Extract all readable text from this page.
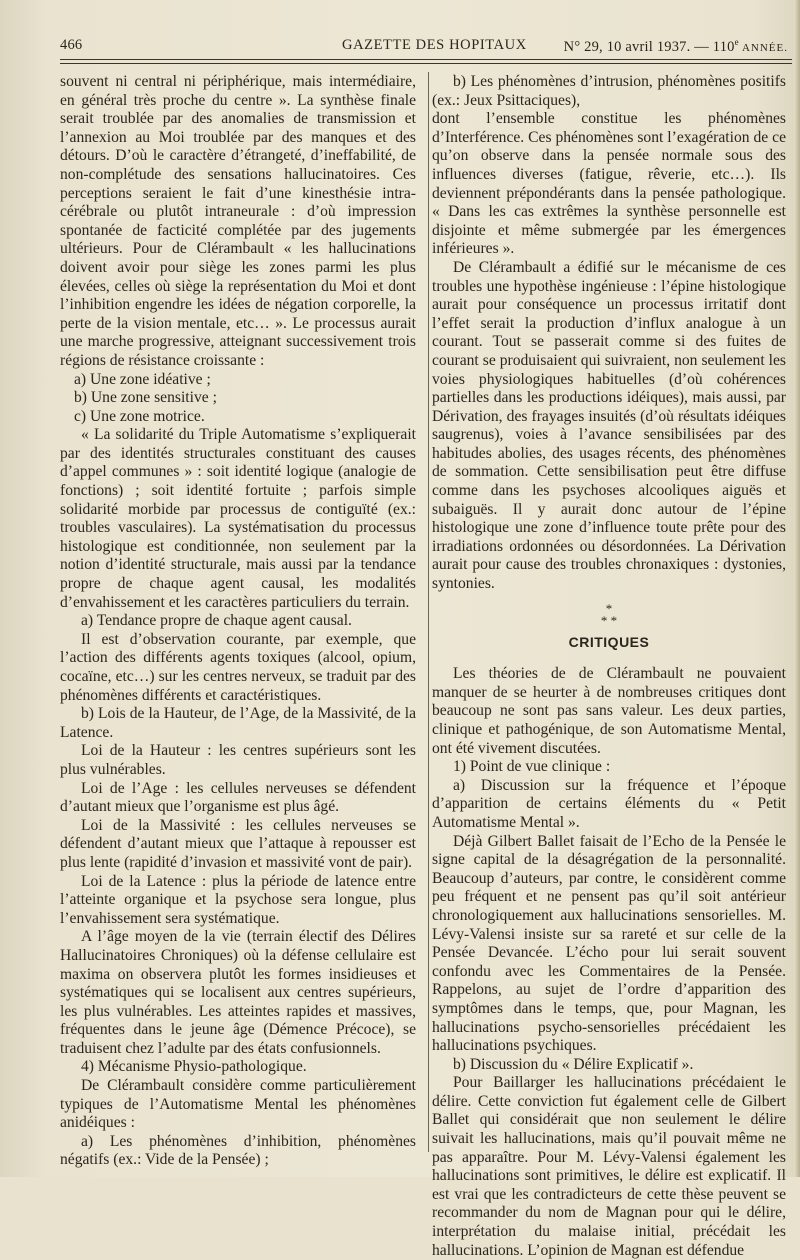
466	GAZETTE DES HOPITAUX	N° 29, 10 avril 1937. — 110e ANNÉE.

souvent ni central ni périphérique, mais intermédiaire, en général très proche du centre ». La synthèse finale serait troublée par des anomalies de transmission et l’annexion au Moi troublée par des manques et des détours. D’où le caractère d’étrangeté, d’ineffabilité, de non-complétude des sensations hallucinatoires. Ces perceptions seraient le fait d’une kinesthésie intra-cérébrale ou plutôt intraneurale : d’où impression spontanée de facticité complétée par des jugements ultérieurs. Pour de Clérambault « les hallucinations doivent avoir pour siège les zones parmi les plus élevées, celles où siège la représentation du Moi et dont l’inhibition engendre les idées de négation corporelle, la perte de la vision mentale, etc… ». Le processus aurait une marche progressive, atteignant successivement trois régions de résistance croissante :

a) Une zone idéative ;

b) Une zone sensitive ;

c) Une zone motrice.

« La solidarité du Triple Automatisme s’expliquerait par des identités structurales constituant des causes d’appel communes » : soit identité logique (analogie de fonctions) ; soit identité fortuite ; parfois simple solidarité morbide par processus de contiguïté (ex.: troubles vasculaires). La systématisation du processus histologique est conditionnée, non seulement par la notion d’identité structurale, mais aussi par la tendance propre de chaque agent causal, les modalités d’envahissement et les caractères particuliers du terrain.

a) Tendance propre de chaque agent causal.

Il est d’observation courante, par exemple, que l’action des différents agents toxiques (alcool, opium, cocaïne, etc…) sur les centres nerveux, se traduit par des phénomènes différents et caractéristiques.

b) Lois de la Hauteur, de l’Age, de la Massivité, de la Latence.

Loi de la Hauteur : les centres supérieurs sont les plus vulnérables.

Loi de l’Age : les cellules nerveuses se défendent d’autant mieux que l’organisme est plus âgé.

Loi de la Massivité : les cellules nerveuses se défendent d’autant mieux que l’attaque à repousser est plus lente (rapidité d’invasion et massivité vont de pair).

Loi de la Latence : plus la période de latence entre l’atteinte organique et la psychose sera longue, plus l’envahissement sera systématique.

A l’âge moyen de la vie (terrain électif des Délires Hallucinatoires Chroniques) où la défense cellulaire est maxima on observera plutôt les formes insidieuses et systématiques qui se localisent aux centres supérieurs, les plus vulnérables. Les atteintes rapides et massives, fréquentes dans le jeune âge (Démence Précoce), se traduisent chez l’adulte par des états confusionnels.

4) Mécanisme Physio-pathologique.

De Clérambault considère comme particulièrement typiques de l’Automatisme Mental les phénomènes anidéiques :

a) Les phénomènes d’inhibition, phénomènes négatifs (ex.: Vide de la Pensée) ;

b) Les phénomènes d’intrusion, phénomènes positifs (ex.: Jeux Psittaciques),

dont l’ensemble constitue les phénomènes d’Interférence. Ces phénomènes sont l’exagération de ce qu’on observe dans la pensée normale sous des influences diverses (fatigue, rêverie, etc…). Ils deviennent prépondérants dans la pensée pathologique. « Dans les cas extrêmes la synthèse personnelle est disjointe et même submergée par les émergences inférieures ».

De Clérambault a édifié sur le mécanisme de ces troubles une hypothèse ingénieuse : l’épine histologique aurait pour conséquence un processus irritatif dont l’effet serait la production d’influx analogue à un courant. Tout se passerait comme si des fuites de courant se produisaient qui suivraient, non seulement les voies physiologiques habituelles (d’où cohérences partielles dans les productions idéiques), mais aussi, par Dérivation, des frayages insuités (d’où résultats idéiques saugrenus), voies à l’avance sensibilisées par des habitudes abolies, des usages récents, des phénomènes de sommation. Cette sensibilisation peut être diffuse comme dans les psychoses alcooliques aiguës et subaiguës. Il y aurait donc autour de l’épine histologique une zone d’influence toute prête pour des irradiations ordonnées ou désordonnées. La Dérivation aurait pour cause des troubles chronaxiques : dystonies, syntonies.

*
* *
CRITIQUES

Les théories de de Clérambault ne pouvaient manquer de se heurter à de nombreuses critiques dont beaucoup ne sont pas sans valeur. Les deux parties, clinique et pathogénique, de son Automatisme Mental, ont été vivement discutées.

1) Point de vue clinique :

a) Discussion sur la fréquence et l’époque d’apparition de certains éléments du « Petit Automatisme Mental ».

Déjà Gilbert Ballet faisait de l’Echo de la Pensée le signe capital de la désagrégation de la personnalité. Beaucoup d’auteurs, par contre, le considèrent comme peu fréquent et ne pensent pas qu’il soit antérieur chronologiquement aux hallucinations sensorielles. M. Lévy-Valensi insiste sur sa rareté et sur celle de la Pensée Devancée. L’écho pour lui serait souvent confondu avec les Commentaires de la Pensée. Rappelons, au sujet de l’ordre d’apparition des symptômes dans le temps, que, pour Magnan, les hallucinations psycho-sensorielles précédaient les hallucinations psychiques.

b) Discussion du « Délire Explicatif ».

Pour Baillarger les hallucinations précédaient le délire. Cette conviction fut également celle de Gilbert Ballet qui considérait que non seulement le délire suivait les hallucinations, mais qu’il pouvait même ne pas apparaître. Pour M. Lévy-Valensi également les hallucinations sont primitives, le délire est explicatif. Il est vrai que les contradicteurs de cette thèse peuvent se recommander du nom de Magnan pour qui le délire, interprétation du malaise initial, précédait les hallucinations. L’opinion de Magnan est défendue
